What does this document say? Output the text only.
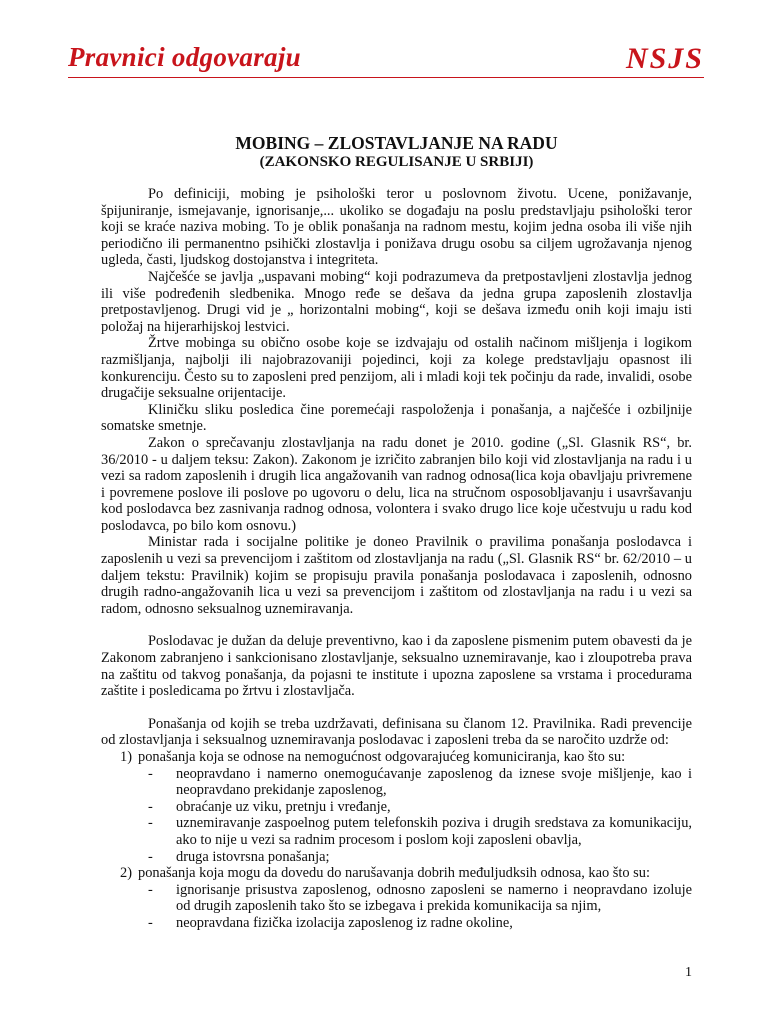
Pravnici odgovaraju	NSJS
MOBING – ZLOSTAVLJANJE NA RADU
(ZAKONSKO REGULISANJE U SRBIJI)

Po definiciji, mobing je psihološki teror u poslovnom životu. Ucene, ponižavanje, špijuniranje, ismejavanje, ignorisanje,... ukoliko se događaju na poslu predstavljaju psihološki teror koji se kraće naziva mobing. To je oblik ponašanja na radnom mestu, kojim jedna osoba ili više njih periodično ili permanentno psihički zlostavlja i ponižava drugu osobu sa ciljem ugrožavanja njenog ugleda, časti, ljudskog dostojanstva i integriteta.

Najčešće se javlja „uspavani mobing“ koji podrazumeva da pretpostavljeni zlostavlja jednog ili više podređenih sledbenika. Mnogo ređe se dešava da jedna grupa zaposlenih zlostavlja pretpostavljenog. Drugi vid je „ horizontalni mobing“, koji se dešava između onih koji imaju isti položaj na hijerarhijskoj lestvici.

Žrtve mobinga su obično osobe koje se izdvajaju od ostalih načinom mišljenja i logikom razmišljanja, najbolji ili najobrazovaniji pojedinci, koji za kolege predstavljaju opasnost ili konkurenciju. Često su to zaposleni pred penzijom, ali i mladi koji tek počinju da rade, invalidi, osobe drugačije seksualne orijentacije.

Kliničku sliku posledica čine poremećaji raspoloženja i ponašanja, a najčešće i ozbiljnije somatske smetnje.

Zakon o sprečavanju zlostavljanja na radu donet je 2010. godine („Sl. Glasnik RS“, br. 36/2010 - u daljem teksu: Zakon). Zakonom je izričito zabranjen bilo koji vid zlostavljanja na radu i u vezi sa radom zaposlenih i drugih lica angažovanih van radnog odnosa(lica koja obavljaju privremene i povremene poslove ili poslove po ugovoru o delu, lica na stručnom osposobljavanju i usavršavanju kod poslodavca bez zasnivanja radnog odnosa, volontera i svako drugo lice koje učestvuju u radu kod poslodavca, po bilo kom osnovu.)

Ministar rada i socijalne politike je doneo Pravilnik o pravilima ponašanja poslodavca i zaposlenih u vezi sa prevencijom i zaštitom od zlostavljanja na radu („Sl. Glasnik RS“ br. 62/2010 – u daljem tekstu: Pravilnik) kojim se propisuju pravila ponašanja poslodavaca i zaposlenih, odnosno drugih radno-angažovanih lica u vezi sa prevencijom i zaštitom od zlostavljanja na radu i u vezi sa radom, odnosno seksualnog uznemiravanja.

Poslodavac je dužan da deluje preventivno, kao i da zaposlene pismenim putem obavesti da je Zakonom zabranjeno i sankcionisano zlostavljanje, seksualno uznemiravanje, kao i zloupotreba prava na zaštitu od takvog ponašanja, da pojasni te institute i upozna zaposlene sa vrstama i procedurama zaštite i posledicama po žrtvu i zlostavljača.

Ponašanja od kojih se treba uzdržavati, definisana su članom 12. Pravilnika. Radi prevencije od zlostavljanja i seksualnog uznemiravanja poslodavac i zaposleni treba da se naročito uzdrže od:

1) ponašanja koja se odnose na nemogućnost odgovarajućeg komuniciranja, kao što su:
- neopravdano i namerno onemogućavanje zaposlenog da iznese svoje mišljenje, kao i neopravdano prekidanje zaposlenog,
- obraćanje uz viku, pretnju i vređanje,
- uznemiravanje zaspoelnog putem telefonskih poziva i drugih sredstava za komunikaciju, ako to nije u vezi sa radnim procesom i poslom koji zaposleni obavlja,
- druga istovrsna ponašanja;
2) ponašanja koja mogu da dovedu do narušavanja dobrih međuljudksih odnosa, kao što su:
- ignorisanje prisustva zaposlenog, odnosno zaposleni se namerno i neopravdano izoluje od drugih zaposlenih tako što se izbegava i prekida komunikacija sa njim,
- neopravdana fizička izolacija zaposlenog iz radne okoline,
1
